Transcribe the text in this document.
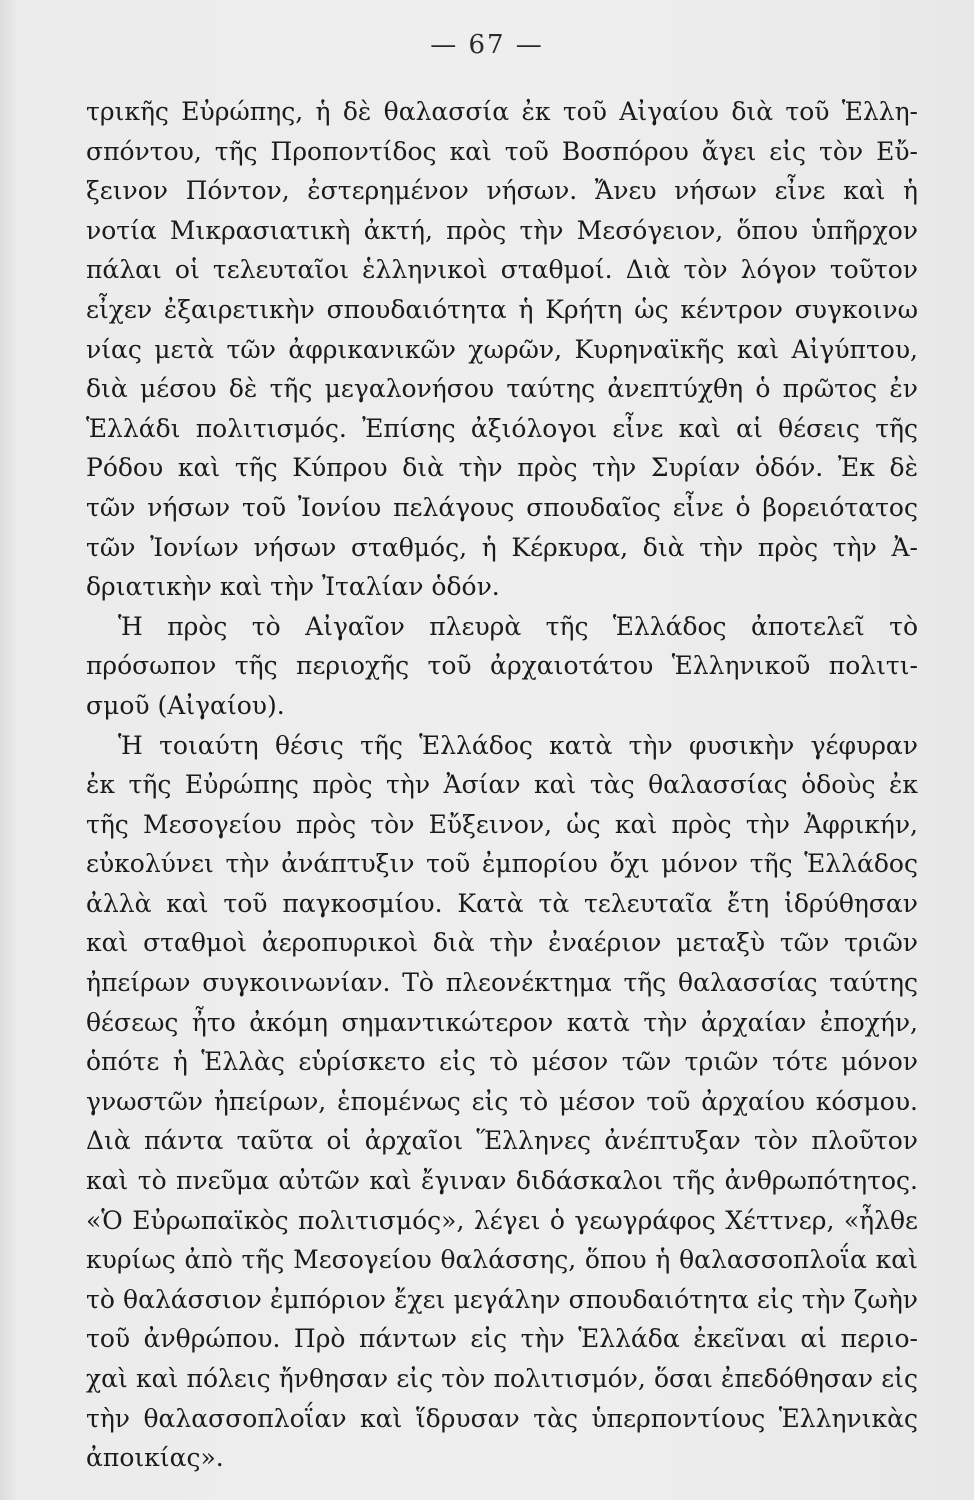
— 67 —
τρικῆς Εὐρώπης, ἡ δὲ θαλασσία ἐκ τοῦ Αἰγαίου διὰ τοῦ Ἑλλη-
σπόντου, τῆς Προποντίδος καὶ τοῦ Βοσπόρου ἄγει εἰς τὸν Εὔ-
ξεινον Πόντον, ἐστερημένον νήσων. Ἄνευ νήσων εἶνε καὶ ἡ
νοτία Μικρασιατικὴ ἀκτή, πρὸς τὴν Μεσόγειον, ὅπου ὑπῆρχον
πάλαι οἱ τελευταῖοι ἑλληνικοὶ σταθμοί. Διὰ τὸν λόγον τοῦτον
εἶχεν ἐξαιρετικὴν σπουδαιότητα ἡ Κρήτη ὡς κέντρον συγκοινω
νίας μετὰ τῶν ἀφρικανικῶν χωρῶν, Κυρηναϊκῆς καὶ Αἰγύπτου,
διὰ μέσου δὲ τῆς μεγαλονήσου ταύτης ἀνεπτύχθη ὁ πρῶτος ἐν
Ἑλλάδι πολιτισμός. Ἐπίσης ἀξιόλογοι εἶνε καὶ αἱ θέσεις τῆς
Ρόδου καὶ τῆς Κύπρου διὰ τὴν πρὸς τὴν Συρίαν ὁδόν. Ἐκ δὲ
τῶν νήσων τοῦ Ἰονίου πελάγους σπουδαῖος εἶνε ὁ βορειότατος
τῶν Ἰονίων νήσων σταθμός, ἡ Κέρκυρα, διὰ τὴν πρὸς τὴν Ἀ-
δριατικὴν καὶ τὴν Ἰταλίαν ὁδόν.
Ἡ πρὸς τὸ Αἰγαῖον πλευρὰ τῆς Ἑλλάδος ἀποτελεῖ τὸ
πρόσωπον τῆς περιοχῆς τοῦ ἀρχαιοτάτου Ἑλληνικοῦ πολιτι-
σμοῦ (Αἰγαίου).
Ἡ τοιαύτη θέσις τῆς Ἑλλάδος κατὰ τὴν φυσικὴν γέφυραν
ἐκ τῆς Εὐρώπης πρὸς τὴν Ἀσίαν καὶ τὰς θαλασσίας ὁδοὺς ἐκ
τῆς Μεσογείου πρὸς τὸν Εὔξεινον, ὡς καὶ πρὸς τὴν Ἀφρικήν,
εὐκολύνει τὴν ἀνάπτυξιν τοῦ ἐμπορίου ὄχι μόνον τῆς Ἑλλάδος
ἀλλὰ καὶ τοῦ παγκοσμίου. Κατὰ τὰ τελευταῖα ἔτη ἱδρύθησαν
καὶ σταθμοὶ ἀεροπυρικοὶ διὰ τὴν ἐναέριον μεταξὺ τῶν τριῶν
ἠπείρων συγκοινωνίαν. Τὸ πλεονέκτημα τῆς θαλασσίας ταύτης
θέσεως ἦτο ἀκόμη σημαντικώτερον κατὰ τὴν ἀρχαίαν ἐποχήν,
ὁπότε ἡ Ἑλλὰς εὑρίσκετο εἰς τὸ μέσον τῶν τριῶν τότε μόνον
γνωστῶν ἠπείρων, ἑπομένως εἰς τὸ μέσον τοῦ ἀρχαίου κόσμου.
Διὰ πάντα ταῦτα οἱ ἀρχαῖοι Ἕλληνες ἀνέπτυξαν τὸν πλοῦτον
καὶ τὸ πνεῦμα αὐτῶν καὶ ἔγιναν διδάσκαλοι τῆς ἀνθρωπότητος.
«Ὁ Εὐρωπαϊκὸς πολιτισμός», λέγει ὁ γεωγράφος Χέττνερ, «ἦλθε
κυρίως ἀπὸ τῆς Μεσογείου θαλάσσης, ὅπου ἡ θαλασσοπλοΐα καὶ
τὸ θαλάσσιον ἐμπόριον ἔχει μεγάλην σπουδαιότητα εἰς τὴν ζωὴν
τοῦ ἀνθρώπου. Πρὸ πάντων εἰς τὴν Ἑλλάδα ἐκεῖναι αἱ περιο-
χαὶ καὶ πόλεις ἤνθησαν εἰς τὸν πολιτισμόν, ὅσαι ἐπεδόθησαν εἰς
τὴν θαλασσοπλοΐαν καὶ ἵδρυσαν τὰς ὑπερποντίους Ἑλληνικὰς
ἀποικίας».
